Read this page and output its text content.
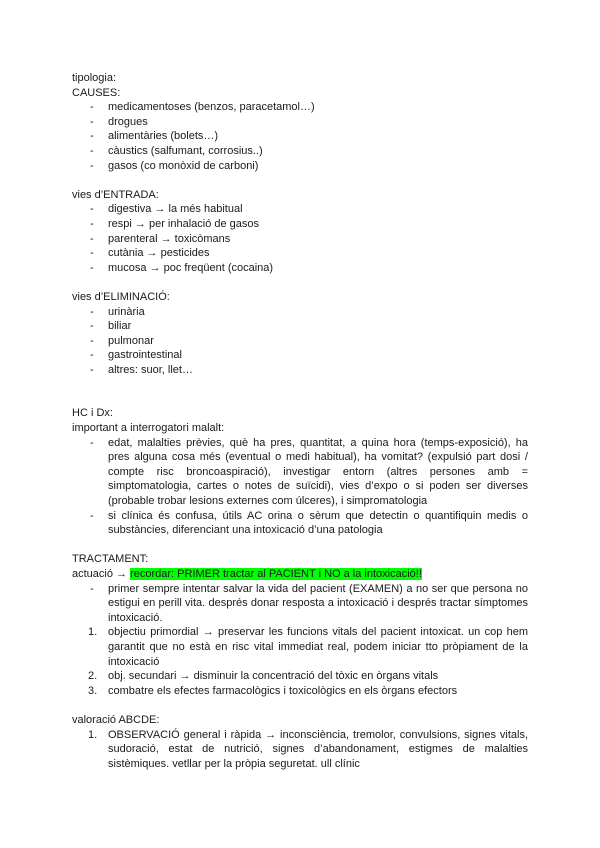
tipologia:

CAUSES:

- medicamentoses (benzos, paracetamol…)
- drogues
- alimentàries (bolets…)
- càustics (salfumant, corrosius..)
- gasos (co monòxid de carboni)

vies d’ENTRADA:

- digestiva → la més habitual
- respi → per inhalació de gasos
- parenteral → toxicòmans
- cutània → pesticides
- mucosa → poc freqüent (cocaina)

vies d’ELIMINACIÓ:

- urinària
- biliar
- pulmonar
- gastrointestinal
- altres: suor, llet…

HC i Dx:

important a interrogatori malalt:

- edat, malalties prèvies, què ha pres, quantitat, a quina hora (temps-exposició), ha pres alguna cosa més (eventual o medi habitual), ha vomitat? (expulsió part dosi / compte risc broncoaspiració), investigar entorn (altres persones amb = simptomatologia, cartes o notes de suïcidi), vies d’expo o si poden ser diverses (probable trobar lesions externes com úlceres), i simpromatologia
- si clínica és confusa, útils AC orina o sèrum que detectin o quantifiquin medis o substàncies, diferenciant una intoxicació d’una patologia

TRACTAMENT:

actuació → recordar: PRIMER tractar al PACIENT i NO a la intoxicació!!

- primer sempre intentar salvar la vida del pacient (EXAMEN) a no ser que persona no estigui en perill vita. després donar resposta a intoxicació i després tractar símptomes intoxicació.
1. objectiu primordial → preservar les funcions vitals del pacient intoxicat. un cop hem garantit que no està en risc vital immediat real, podem iniciar tto pròpiament de la intoxicació
2. obj. secundari → disminuir la concentració del tòxic en òrgans vitals
3. combatre els efectes farmacològics i toxicològics en els òrgans efectors

valoració ABCDE:

1. OBSERVACIÓ general i ràpida → inconsciència, tremolor, convulsions, signes vitals, sudoració, estat de nutrició, signes d’abandonament, estigmes de malalties sistèmiques. vetllar per la pròpia seguretat. ull clínic
